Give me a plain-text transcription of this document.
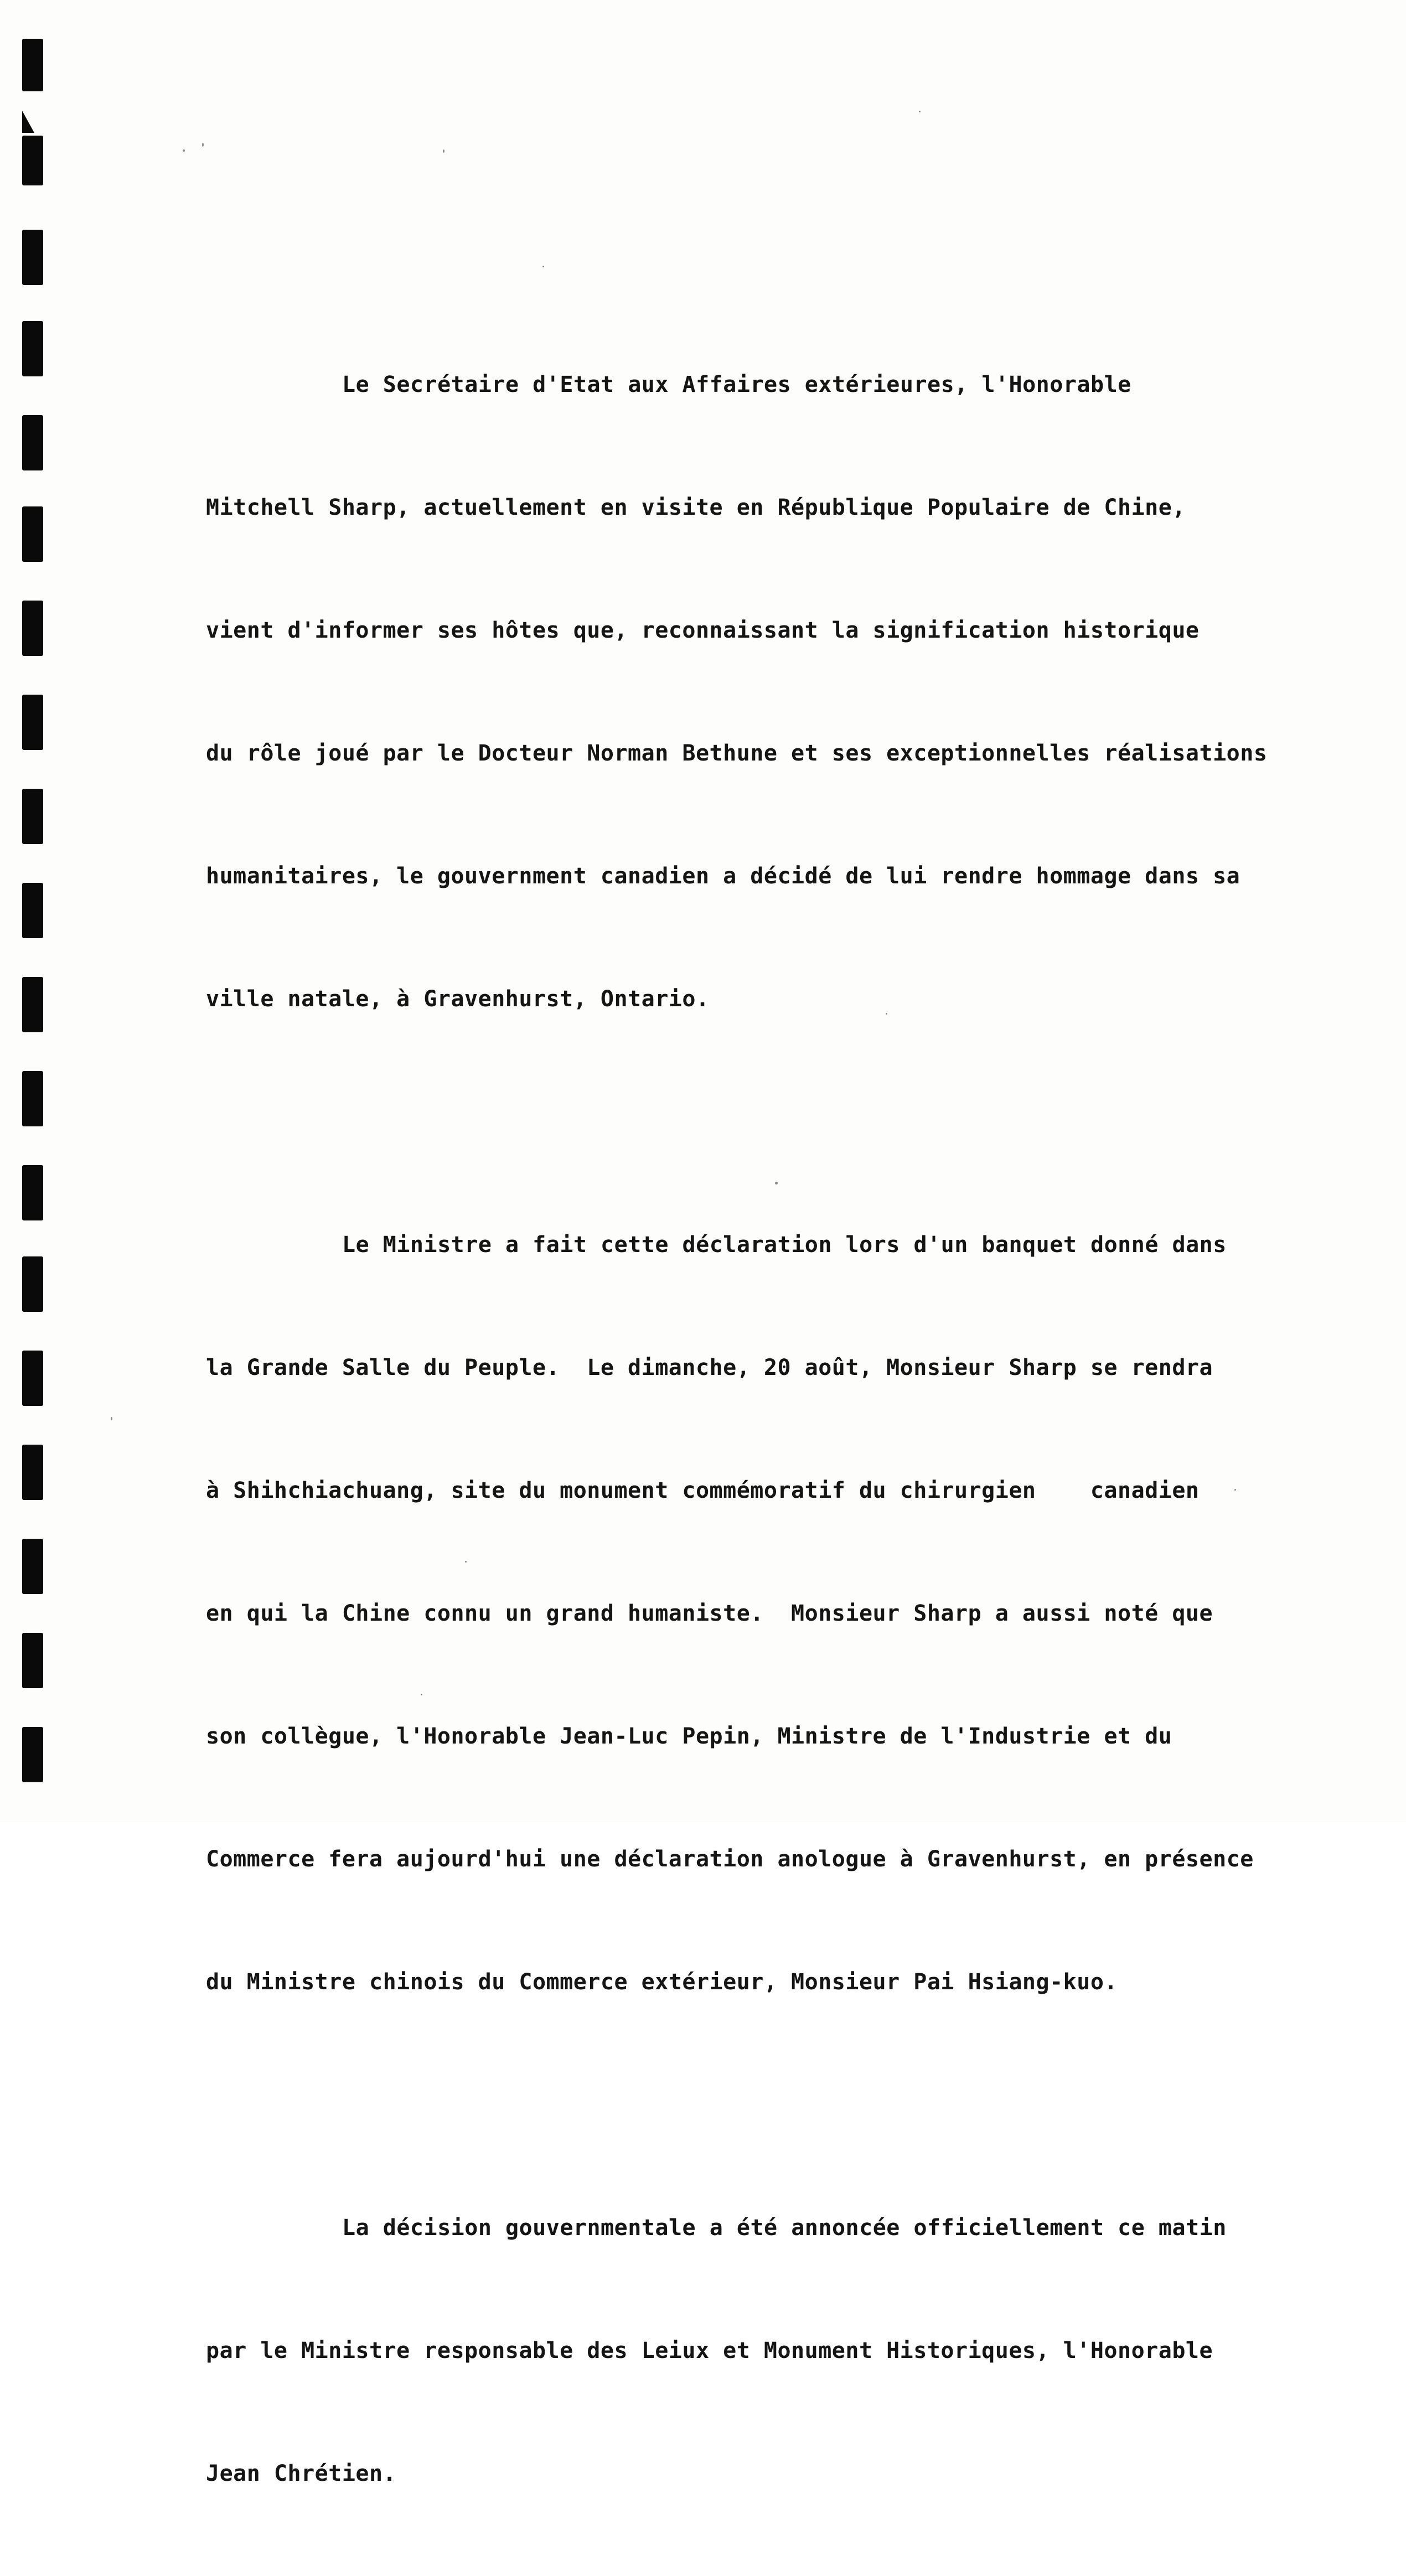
Le Secrétaire d'Etat aux Affaires extérieures, l'Honorable

Mitchell Sharp, actuellement en visite en République Populaire de Chine,

vient d'informer ses hôtes que, reconnaissant la signification historique

du rôle joué par le Docteur Norman Bethune et ses exceptionnelles réalisations

humanitaires, le gouvernment canadien a décidé de lui rendre hommage dans sa

ville natale, à Gravenhurst, Ontario.

Le Ministre a fait cette déclaration lors d'un banquet donné dans

la Grande Salle du Peuple.  Le dimanche, 20 août, Monsieur Sharp se rendra

à Shihchiachuang, site du monument commémoratif du chirurgien    canadien

en qui la Chine connu un grand humaniste.  Monsieur Sharp a aussi noté que

son collègue, l'Honorable Jean-Luc Pepin, Ministre de l'Industrie et du

Commerce fera aujourd'hui une déclaration anologue à Gravenhurst, en présence

du Ministre chinois du Commerce extérieur, Monsieur Pai Hsiang-kuo.

La décision gouvernmentale a été annoncée officiellement ce matin

par le Ministre responsable des Leiux et Monument Historiques, l'Honorable

Jean Chrétien.
